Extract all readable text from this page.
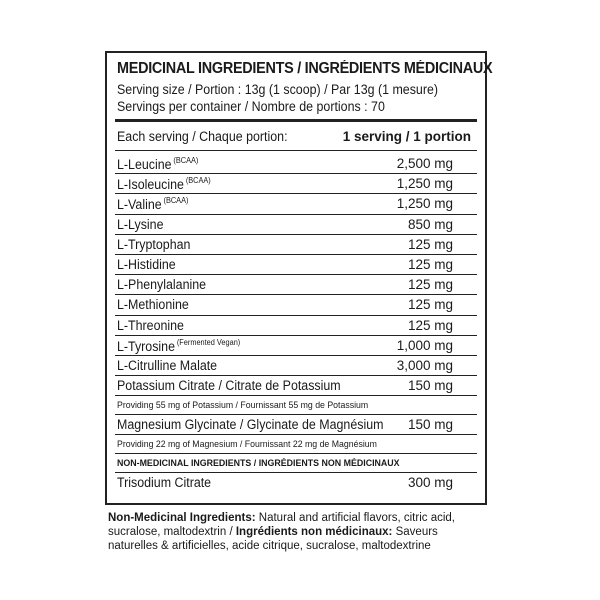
MEDICINAL INGREDIENTS / INGRÉDIENTS MÉDICINAUX
Serving size / Portion : 13g (1 scoop) / Par 13g (1 mesure)
Servings per container / Nombre de portions : 70
Each serving / Chaque portion:	1 serving / 1 portion
L-Leucine $^{(BCAA)}$	2,500 mg
L-Isoleucine $^{(BCAA)}$	1,250 mg
L-Valine $^{(BCAA)}$	1,250 mg
L-Lysine	850 mg
L-Tryptophan	125 mg
L-Histidine	125 mg
L-Phenylalanine	125 mg
L-Methionine	125 mg
L-Threonine	125 mg
L-Tyrosine $^{(Fermented Vegan)}$	1,000 mg
L-Citrulline Malate	3,000 mg
Potassium Citrate / Citrate de Potassium	150 mg
Providing 55 mg of Potassium / Fournissant 55 mg de Potassium
Magnesium Glycinate / Glycinate de Magnésium 150 mg
Providing 22 mg of Magnesium / Fournissant 22 mg de Magnésium
NON-MEDICINAL INGREDIENTS / INGRÉDIENTS NON MÉDICINAUX
Trisodium Citrate	300 mg
Non-Medicinal Ingredients: Natural and artificial flavors, citric acid, sucralose, maltodextrin / Ingrédients non médicinaux: Saveurs naturelles & artificielles, acide citrique, sucralose, maltodextrine
